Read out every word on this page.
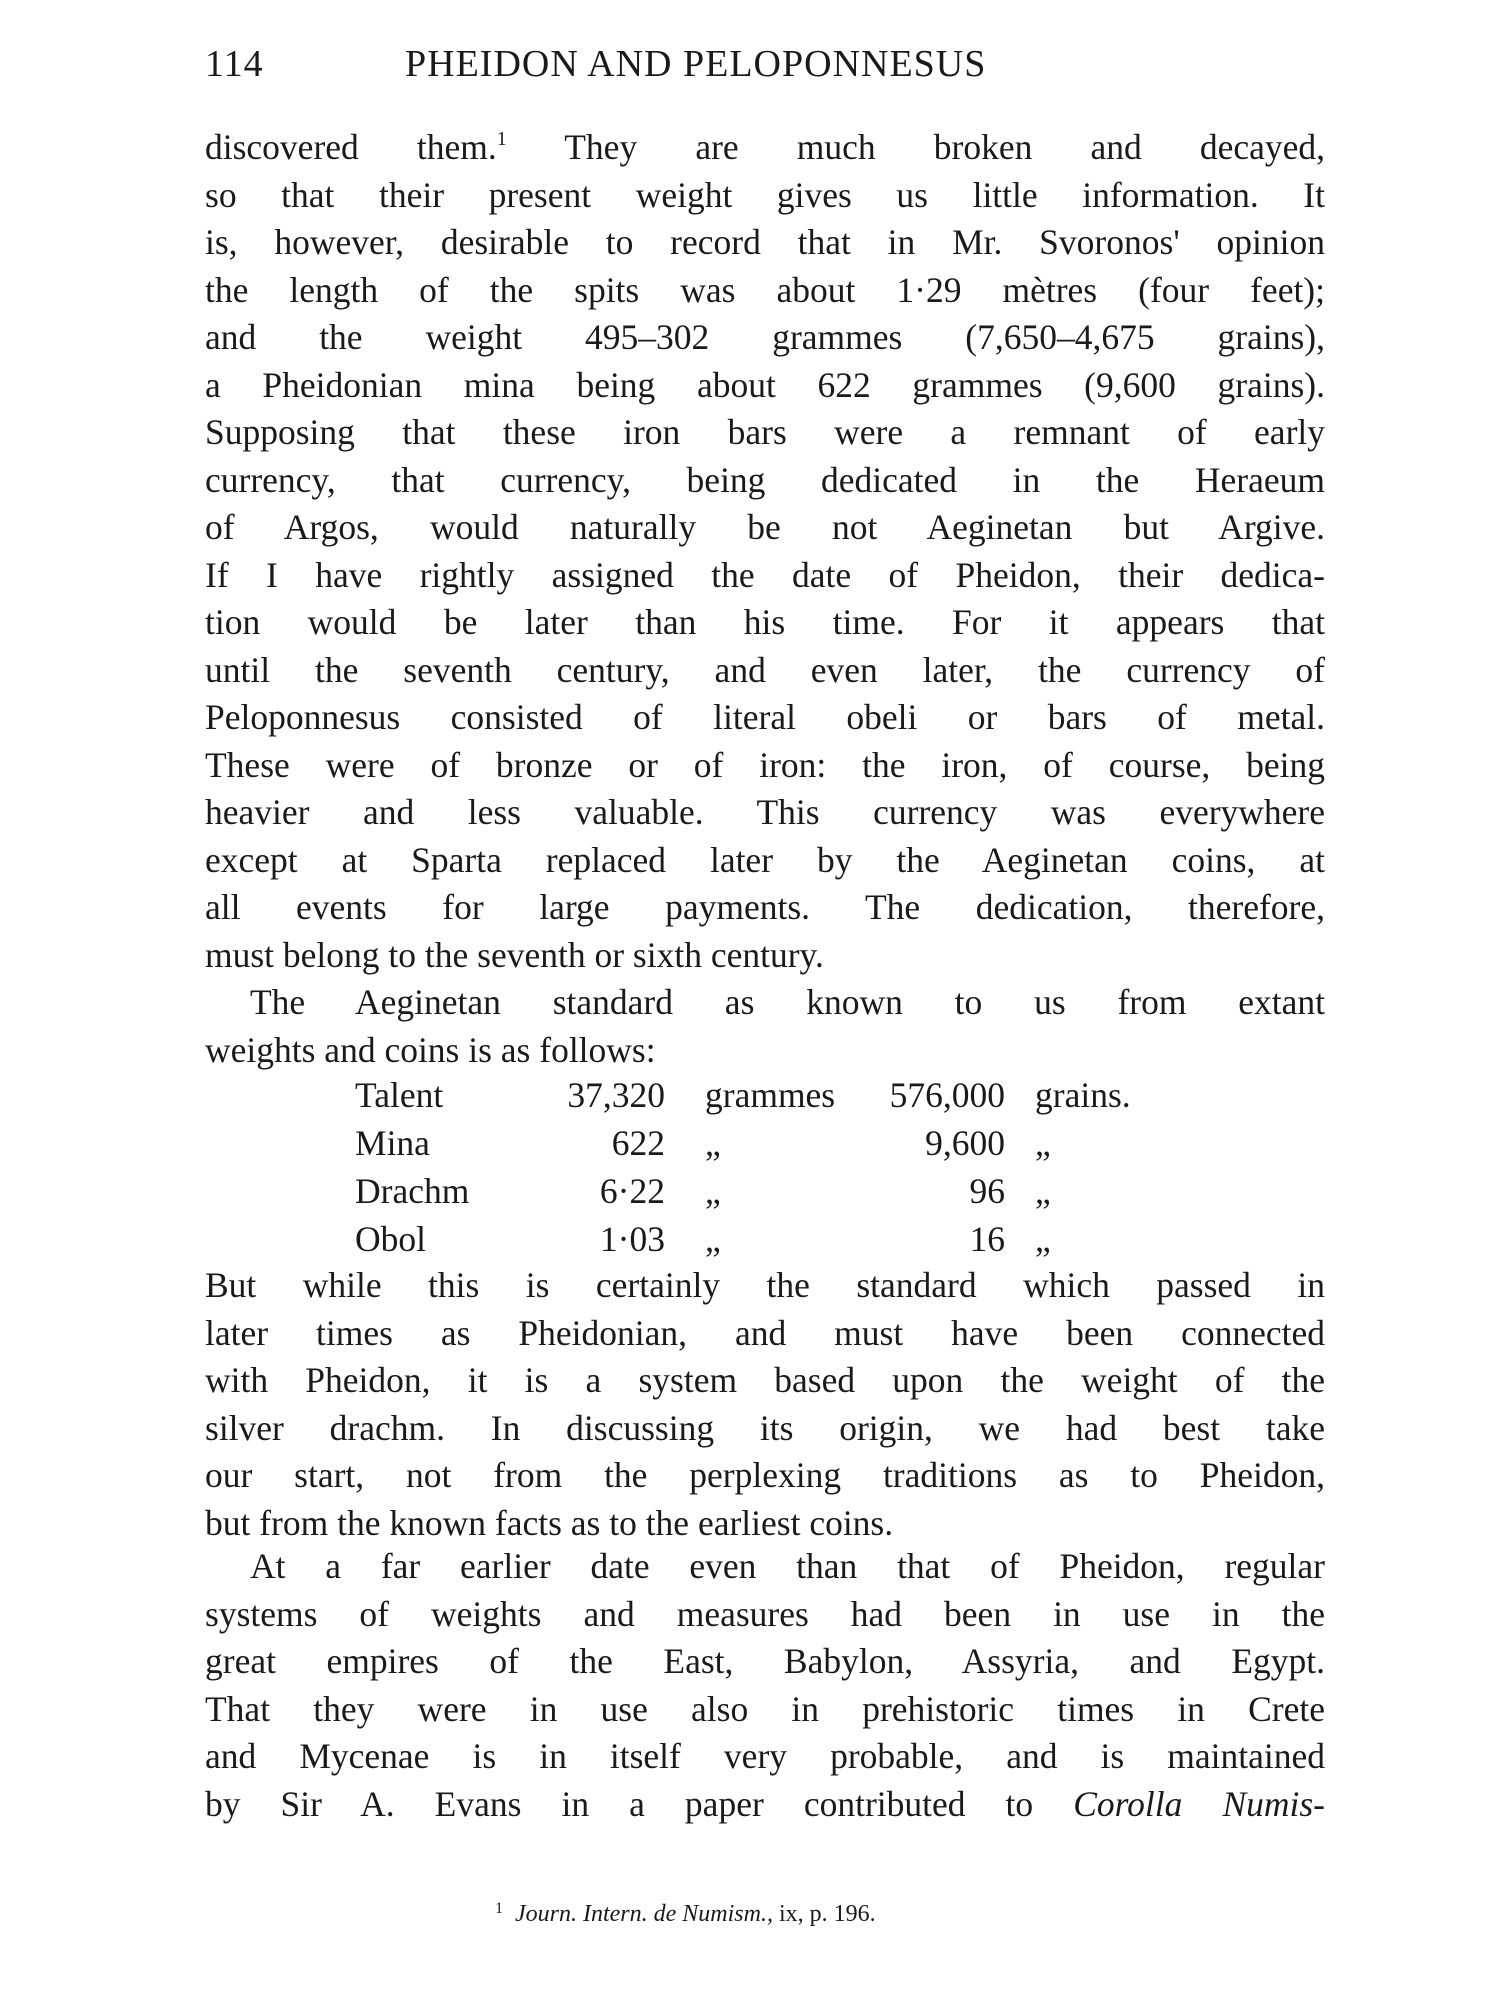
114	PHEIDON AND PELOPONNESUS
discovered them.$^1$ They are much broken and decayed,
so that their present weight gives us little information. It
is, however, desirable to record that in Mr. Svoronos' opinion
the length of the spits was about 1·29 mètres (four feet);
and the weight 495–302 grammes (7,650–4,675 grains),
a Pheidonian mina being about 622 grammes (9,600 grains).
Supposing that these iron bars were a remnant of early
currency, that currency, being dedicated in the Heraeum
of Argos, would naturally be not Aeginetan but Argive.
If I have rightly assigned the date of Pheidon, their dedica-
tion would be later than his time. For it appears that
until the seventh century, and even later, the currency of
Peloponnesus consisted of literal obeli or bars of metal.
These were of bronze or of iron: the iron, of course, being
heavier and less valuable. This currency was everywhere
except at Sparta replaced later by the Aeginetan coins, at
all events for large payments. The dedication, therefore,
must belong to the seventh or sixth century.
The Aeginetan standard as known to us from extant
weights and coins is as follows:
Talent	37,320 grammes 576,000 grains.
Mina	622 „	9,600 „
Drachm	6·22 „	96 „
Obol	1·03 „	16 „
But while this is certainly the standard which passed in
later times as Pheidonian, and must have been connected
with Pheidon, it is a system based upon the weight of the
silver drachm. In discussing its origin, we had best take
our start, not from the perplexing traditions as to Pheidon,
but from the known facts as to the earliest coins.
At a far earlier date even than that of Pheidon, regular
systems of weights and measures had been in use in the
great empires of the East, Babylon, Assyria, and Egypt.
That they were in use also in prehistoric times in Crete
and Mycenae is in itself very probable, and is maintained
by Sir A. Evans in a paper contributed to Corolla Numis-
$^1$ Journ. Intern. de Numism., ix, p. 196.
